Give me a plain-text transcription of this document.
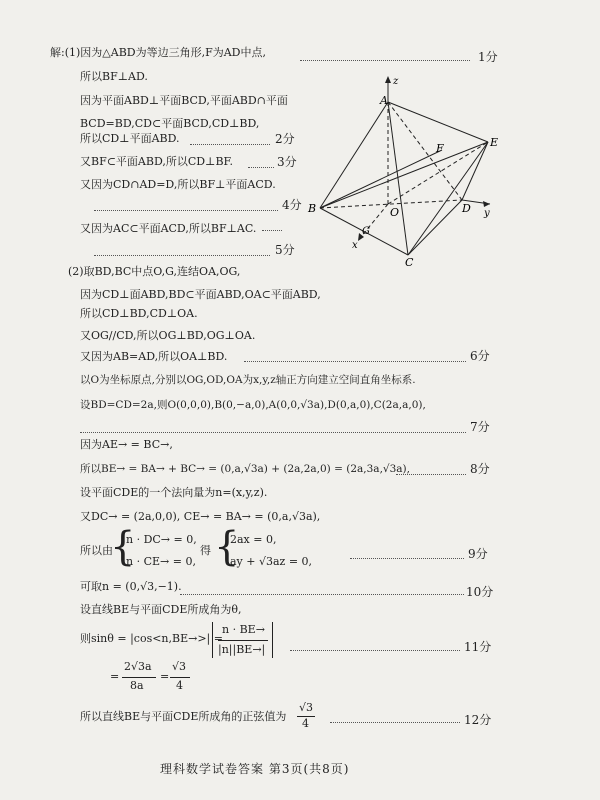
解:(1)因为△ABD为等边三角形,F为AD中点,	1分
所以BF⊥AD.
因为平面ABD⊥平面BCD,平面ABD∩平面
BCD=BD,CD⊂平面BCD,CD⊥BD,
所以CD⊥平面ABD.	2分
又BF⊂平面ABD,所以CD⊥BF.	3分
又因为CD∩AD=D,所以BF⊥平面ACD.
4分
又因为AC⊂平面ACD,所以BF⊥AC.
5分
A
B
C
D
E
F
O
G
x
y
z
(2)取BD,BC中点O,G,连结OA,OG,
因为CD⊥面ABD,BD⊂平面ABD,OA⊂平面ABD,
所以CD⊥BD,CD⊥OA.
又OG//CD,所以OG⊥BD,OG⊥OA.
又因为AB=AD,所以OA⊥BD.	6分
以O为坐标原点,分别以OG,OD,OA为x,y,z轴正方向建立空间直角坐标系.
设BD=CD=2a,则O(0,0,0),B(0,−a,0),A(0,0,√3a),D(0,a,0),C(2a,a,0),
7分
因为AE→ = BC→,
所以BE→ = BA→ + BC→ = (0,a,√3a) + (2a,2a,0) = (2a,3a,√3a),	8分
设平面CDE的一个法向量为n=(x,y,z).
又DC→ = (2a,0,0), CE→ = BA→ = (0,a,√3a),
所以由
{
n · DC→ = 0,
n · CE→ = 0,
得 {
2ax = 0,
ay + √3az = 0,
9分
可取n = (0,√3,−1).	10分
设直线BE与平面CDE所成角为θ,
则sinθ = |cos<n,BE→>| =
n · BE→
|n||BE→|	11分
=
2√3a
8a
=
√3
4
所以直线BE与平面CDE所成角的正弦值为
√3
4	12分
理科数学试卷答案 第3页(共8页)
